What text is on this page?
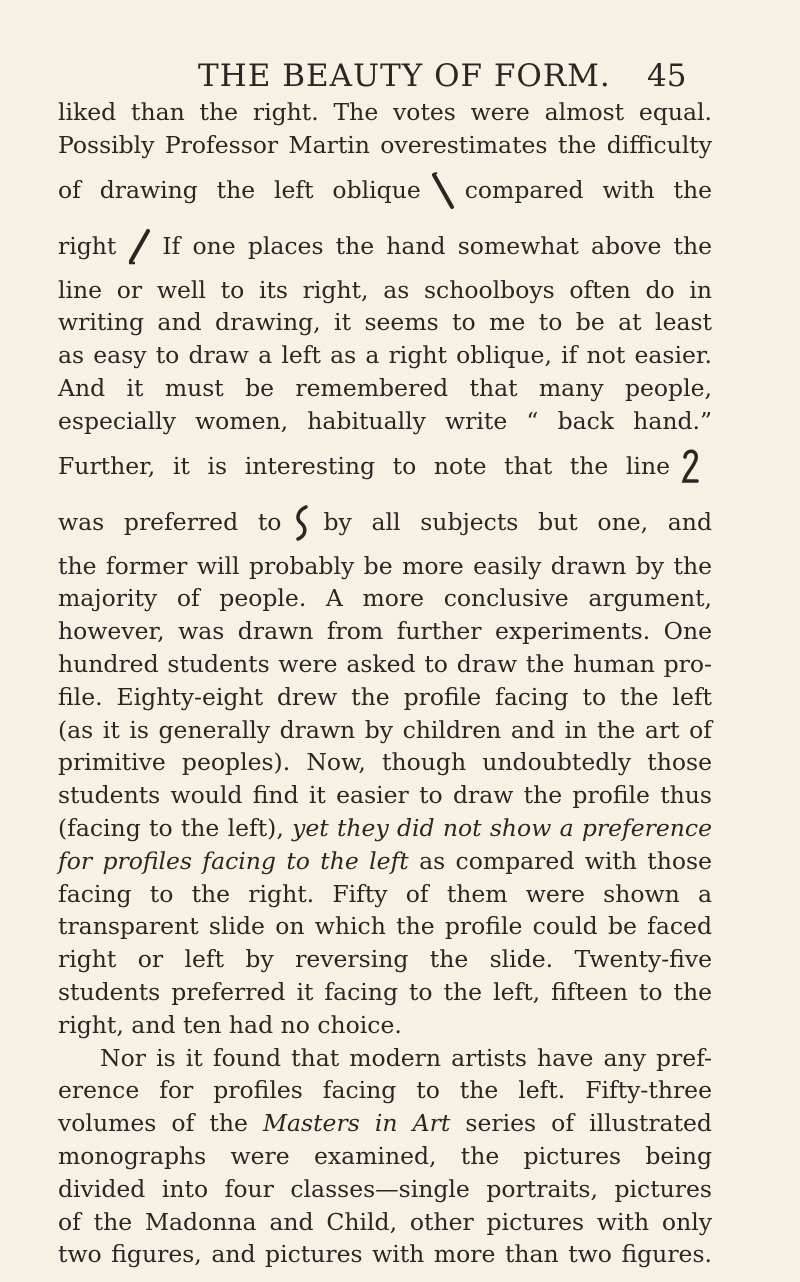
THE BEAUTY OF FORM. 45
liked than the right. The votes were almost equal.
Possibly Professor Martin overestimates the difficulty
of drawing the left oblique compared with the
right If one places the hand somewhat above the
line or well to its right, as schoolboys often do in
writing and drawing, it seems to me to be at least
as easy to draw a left as a right oblique, if not easier.
And it must be remembered that many people,
especially women, habitually write “ back hand.”
Further, it is interesting to note that the line
was preferred to by all subjects but one, and
the former will probably be more easily drawn by the
majority of people. A more conclusive argument,
however, was drawn from further experiments. One
hundred students were asked to draw the human pro-
file. Eighty-eight drew the profile facing to the left
(as it is generally drawn by children and in the art of
primitive peoples). Now, though undoubtedly those
students would find it easier to draw the profile thus
(facing to the left), yet they did not show a preference
for profiles facing to the left as compared with those
facing to the right. Fifty of them were shown a
transparent slide on which the profile could be faced
right or left by reversing the slide. Twenty-five
students preferred it facing to the left, fifteen to the
right, and ten had no choice.
Nor is it found that modern artists have any pref-
erence for profiles facing to the left. Fifty-three
volumes of the Masters in Art series of illustrated
monographs were examined, the pictures being
divided into four classes—single portraits, pictures
of the Madonna and Child, other pictures with only
two figures, and pictures with more than two figures.
